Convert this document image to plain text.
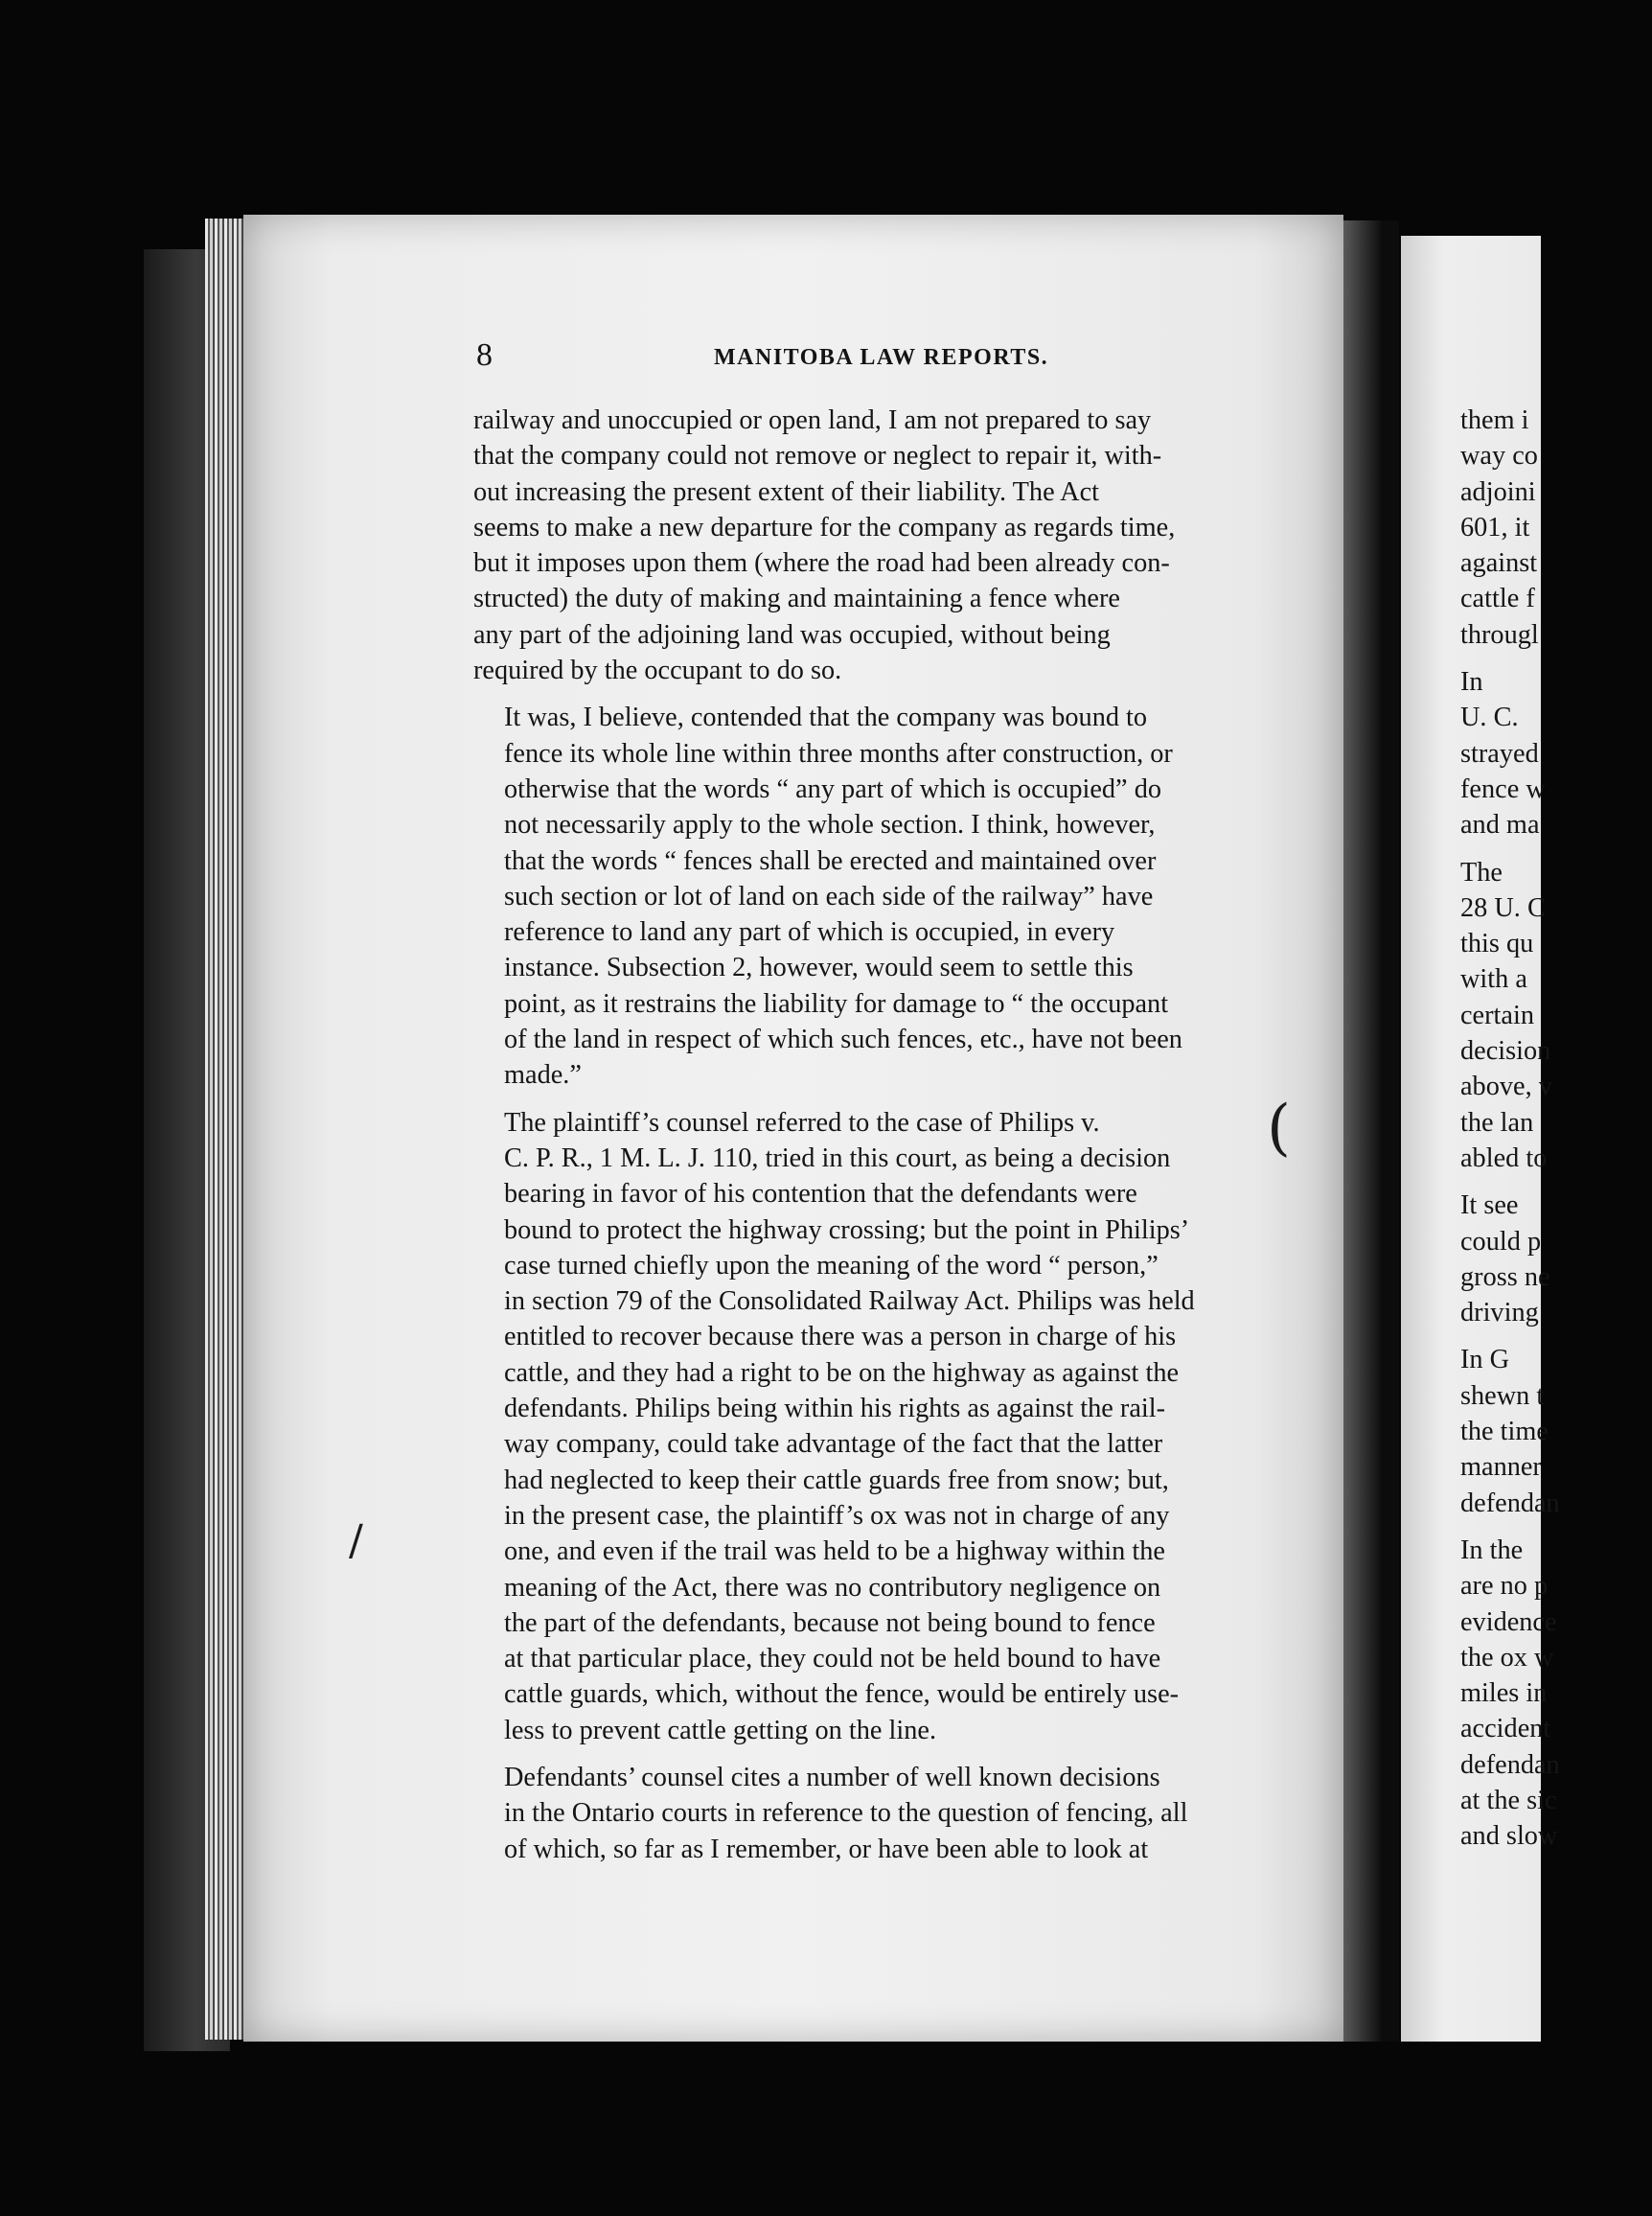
8	MANITOBA LAW REPORTS.

railway and unoccupied or open land, I am not prepared to say
that the company could not remove or neglect to repair it, with-
out increasing the present extent of their liability. The Act
seems to make a new departure for the company as regards time,
but it imposes upon them (where the road had been already con-
structed) the duty of making and maintaining a fence where
any part of the adjoining land was occupied, without being
required by the occupant to do so.

It was, I believe, contended that the company was bound to
fence its whole line within three months after construction, or
otherwise that the words “ any part of which is occupied” do
not necessarily apply to the whole section. I think, however,
that the words “ fences shall be erected and maintained over
such section or lot of land on each side of the railway” have
reference to land any part of which is occupied, in every
instance. Subsection 2, however, would seem to settle this
point, as it restrains the liability for damage to “ the occupant
of the land in respect of which such fences, etc., have not been
made.”

The plaintiff’s counsel referred to the case of Philips v.
C. P. R., 1 M. L. J. 110, tried in this court, as being a decision
bearing in favor of his contention that the defendants were
bound to protect the highway crossing; but the point in Philips’
case turned chiefly upon the meaning of the word “ person,”
in section 79 of the Consolidated Railway Act. Philips was held
entitled to recover because there was a person in charge of his
cattle, and they had a right to be on the highway as against the
defendants. Philips being within his rights as against the rail-
way company, could take advantage of the fact that the latter
had neglected to keep their cattle guards free from snow; but,
in the present case, the plaintiff’s ox was not in charge of any
one, and even if the trail was held to be a highway within the
meaning of the Act, there was no contributory negligence on
the part of the defendants, because not being bound to fence
at that particular place, they could not be held bound to have
cattle guards, which, without the fence, would be entirely use-
less to prevent cattle getting on the line.

Defendants’ counsel cites a number of well known decisions
in the Ontario courts in reference to the question of fencing, all
of which, so far as I remember, or have been able to look at

(
/
them i
way co
adjoini
601, it
against
cattle f
througl
In
U. C.
strayed
fence w
and ma
The
28 U. C
this qu
with a
certain
decision
above, v
the lan
abled to
It see
could p
gross ne
driving
In G
shewn t
the time
manner
defendan
In the
are no p
evidence
the ox w
miles in
accident
defendan
at the sic
and slow
